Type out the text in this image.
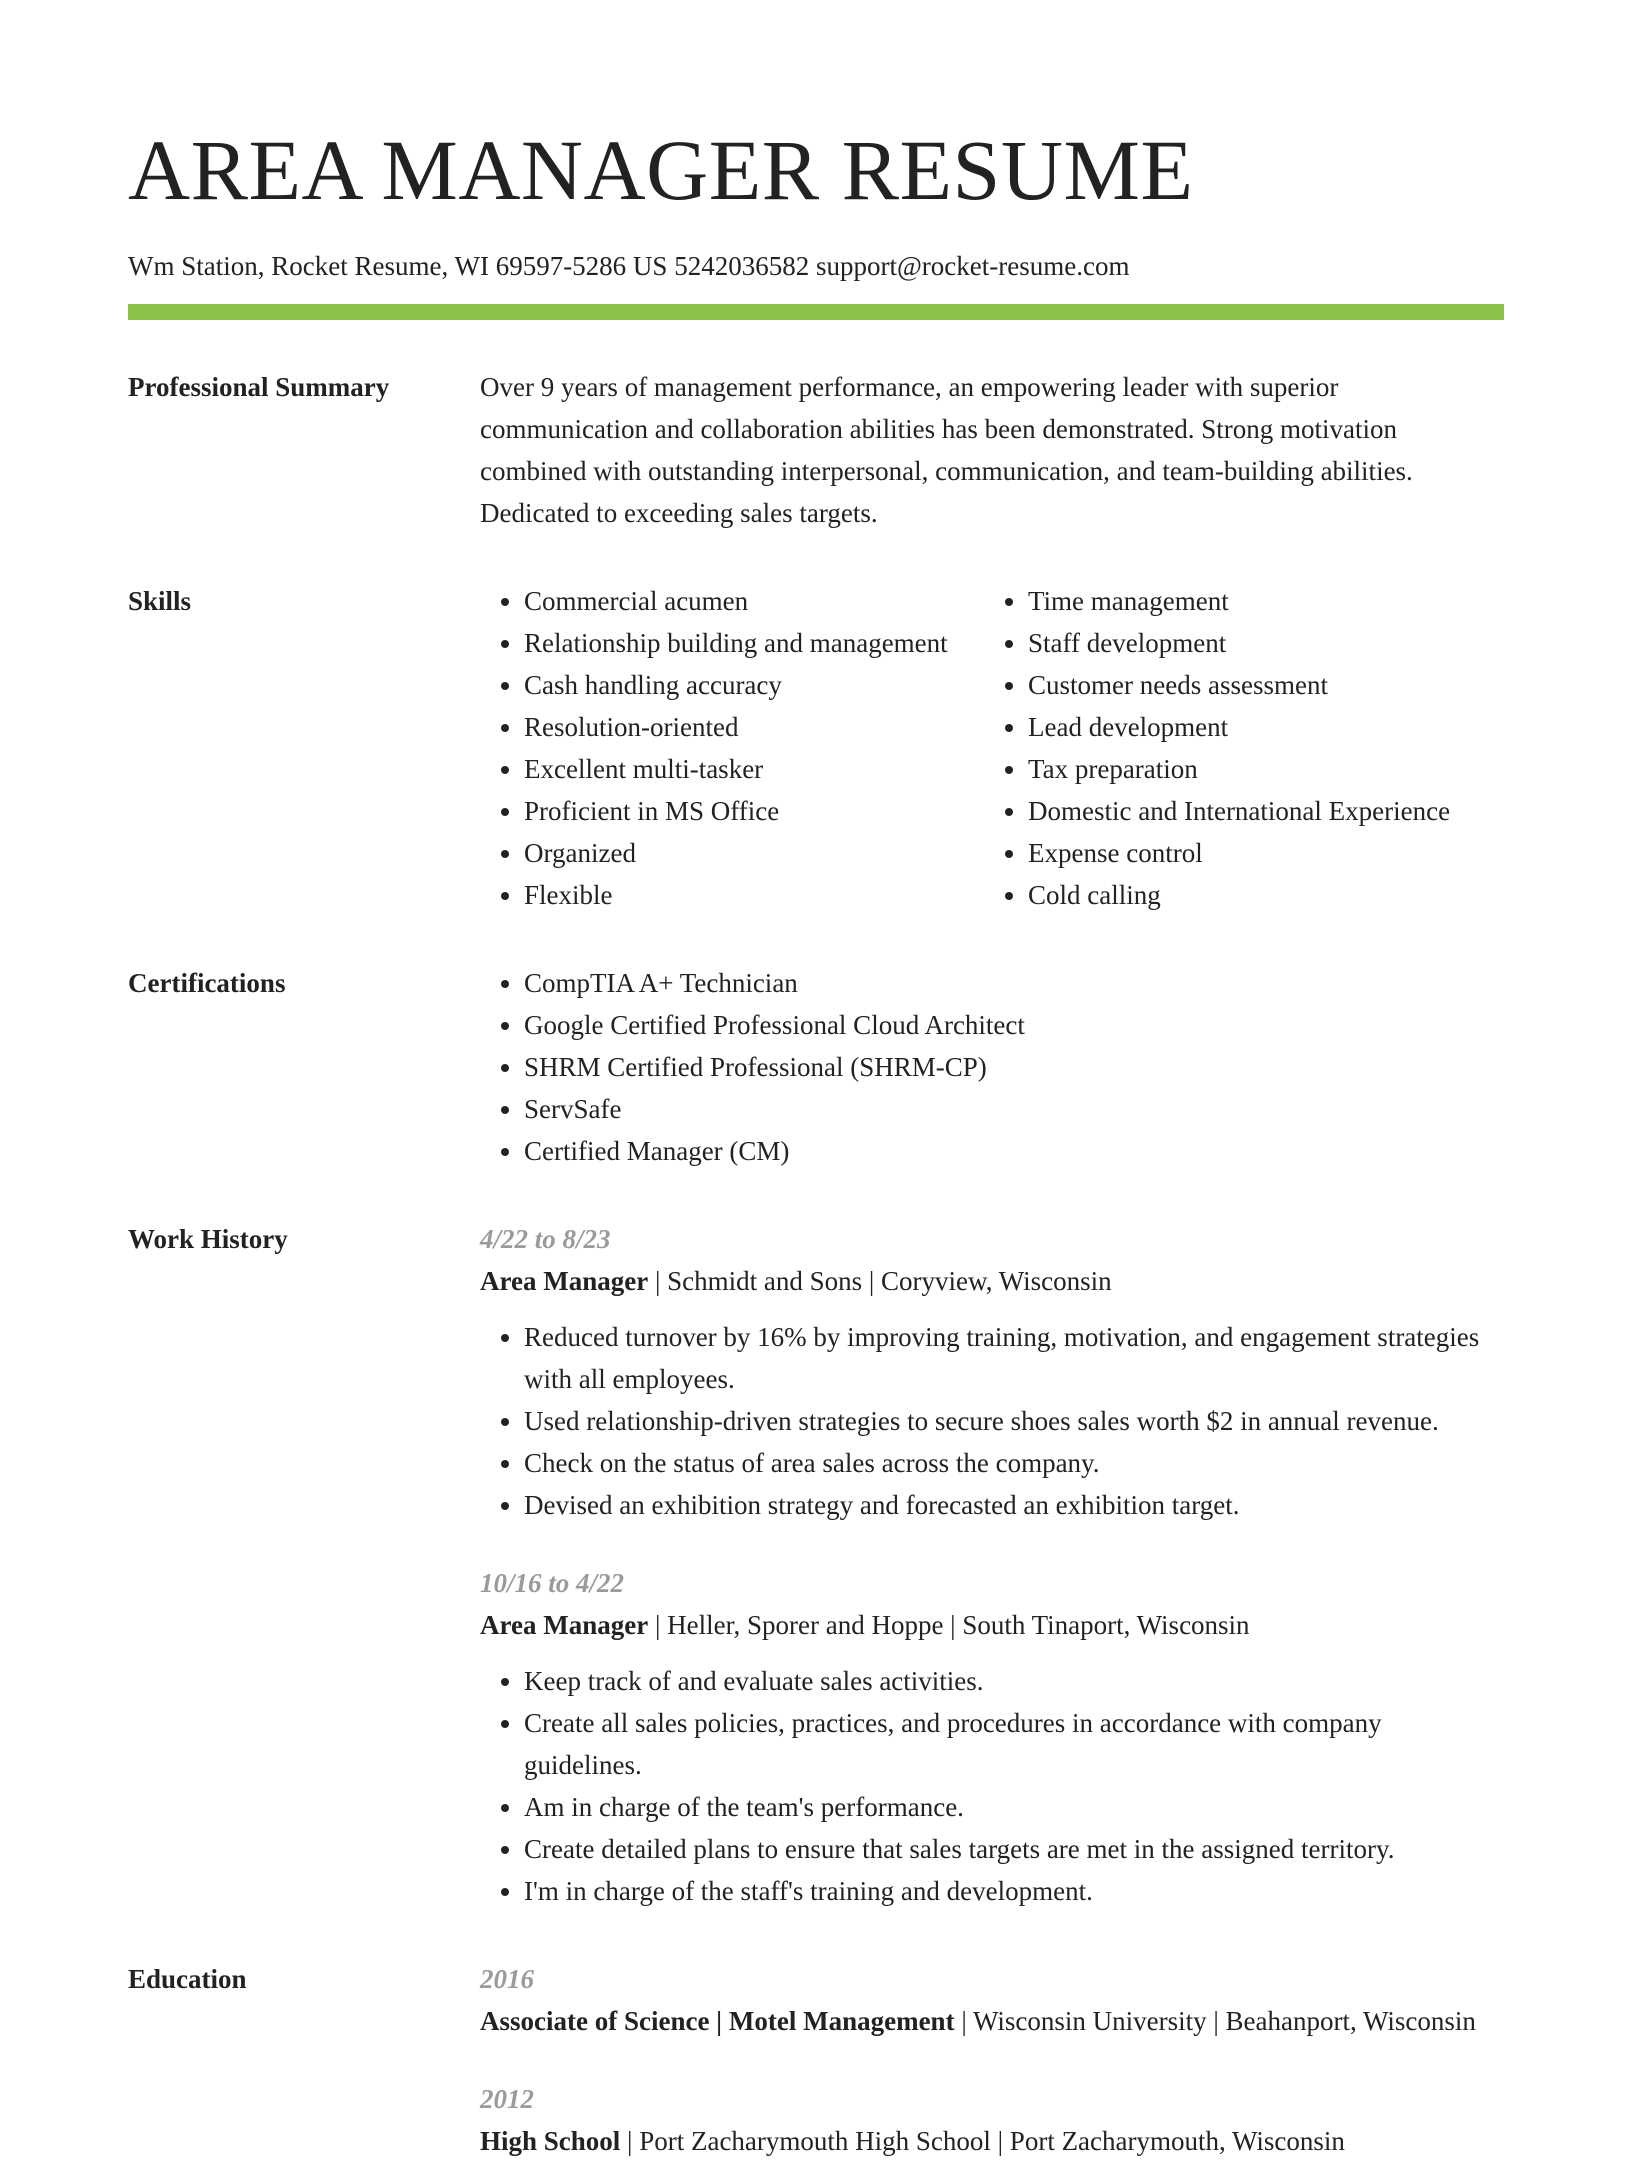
AREA MANAGER RESUME
Wm Station, Rocket Resume, WI 69597-5286 US 5242036582 support@rocket-resume.com
Professional Summary	Over 9 years of management performance, an empowering leader with superior communication and collaboration abilities has been demonstrated. Strong motivation combined with outstanding interpersonal, communication, and team-building abilities. Dedicated to exceeding sales targets.

Skills	• Commercial acumen
• Relationship building and management
• Cash handling accuracy
• Resolution-oriented
• Excellent multi-tasker
• Proficient in MS Office
• Organized
• Flexible
• Time management
• Staff development
• Customer needs assessment
• Lead development
• Tax preparation
• Domestic and International Experience
• Expense control
• Cold calling
Certifications	• CompTIA A+ Technician
• Google Certified Professional Cloud Architect
• SHRM Certified Professional (SHRM-CP)
• ServSafe
• Certified Manager (CM)
Work History	4/22 to 8/23
Area Manager | Schmidt and Sons | Coryview, Wisconsin
• Reduced turnover by 16% by improving training, motivation, and engagement strategies with all employees.
• Used relationship-driven strategies to secure shoes sales worth $2 in annual revenue.
• Check on the status of area sales across the company.
• Devised an exhibition strategy and forecasted an exhibition target.
10/16 to 4/22
Area Manager | Heller, Sporer and Hoppe | South Tinaport, Wisconsin
• Keep track of and evaluate sales activities.
• Create all sales policies, practices, and procedures in accordance with company guidelines.
• Am in charge of the team's performance.
• Create detailed plans to ensure that sales targets are met in the assigned territory.
• I'm in charge of the staff's training and development.
Education	2016
Associate of Science | Motel Management | Wisconsin University | Beahanport, Wisconsin
2012
High School | Port Zacharymouth High School | Port Zacharymouth, Wisconsin
